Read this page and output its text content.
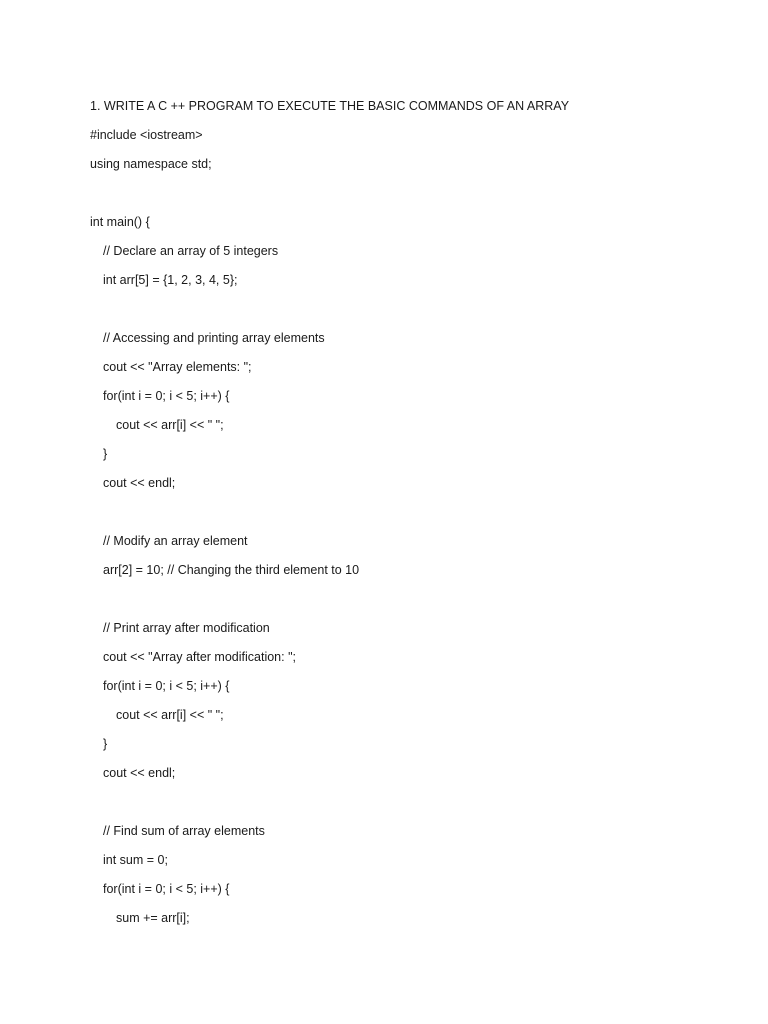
1. WRITE A C ++ PROGRAM TO EXECUTE THE BASIC COMMANDS OF AN ARRAY
#include <iostream>
using namespace std;
int main() {
// Declare an array of 5 integers
int arr[5] = {1, 2, 3, 4, 5};
// Accessing and printing array elements
cout << "Array elements: ";
for(int i = 0; i < 5; i++) {
cout << arr[i] << " ";
}
cout << endl;
// Modify an array element
arr[2] = 10; // Changing the third element to 10
// Print array after modification
cout << "Array after modification: ";
for(int i = 0; i < 5; i++) {
cout << arr[i] << " ";
}
cout << endl;
// Find sum of array elements
int sum = 0;
for(int i = 0; i < 5; i++) {
sum += arr[i];
